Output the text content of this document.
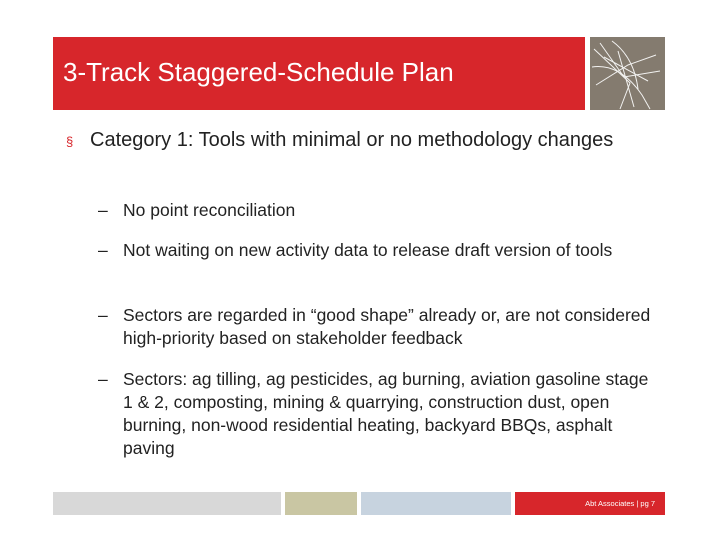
3-Track Staggered-Schedule Plan
§ Category 1: Tools with minimal or no methodology changes
– No point reconciliation
– Not waiting on new activity data to release draft version of tools
– Sectors are regarded in “good shape” already or, are not considered high-priority based on stakeholder feedback
– Sectors: ag tilling, ag pesticides, ag burning, aviation gasoline stage 1 & 2, composting, mining & quarrying, construction dust, open burning, non-wood residential heating, backyard BBQs, asphalt paving
Abt Associates | pg 7
